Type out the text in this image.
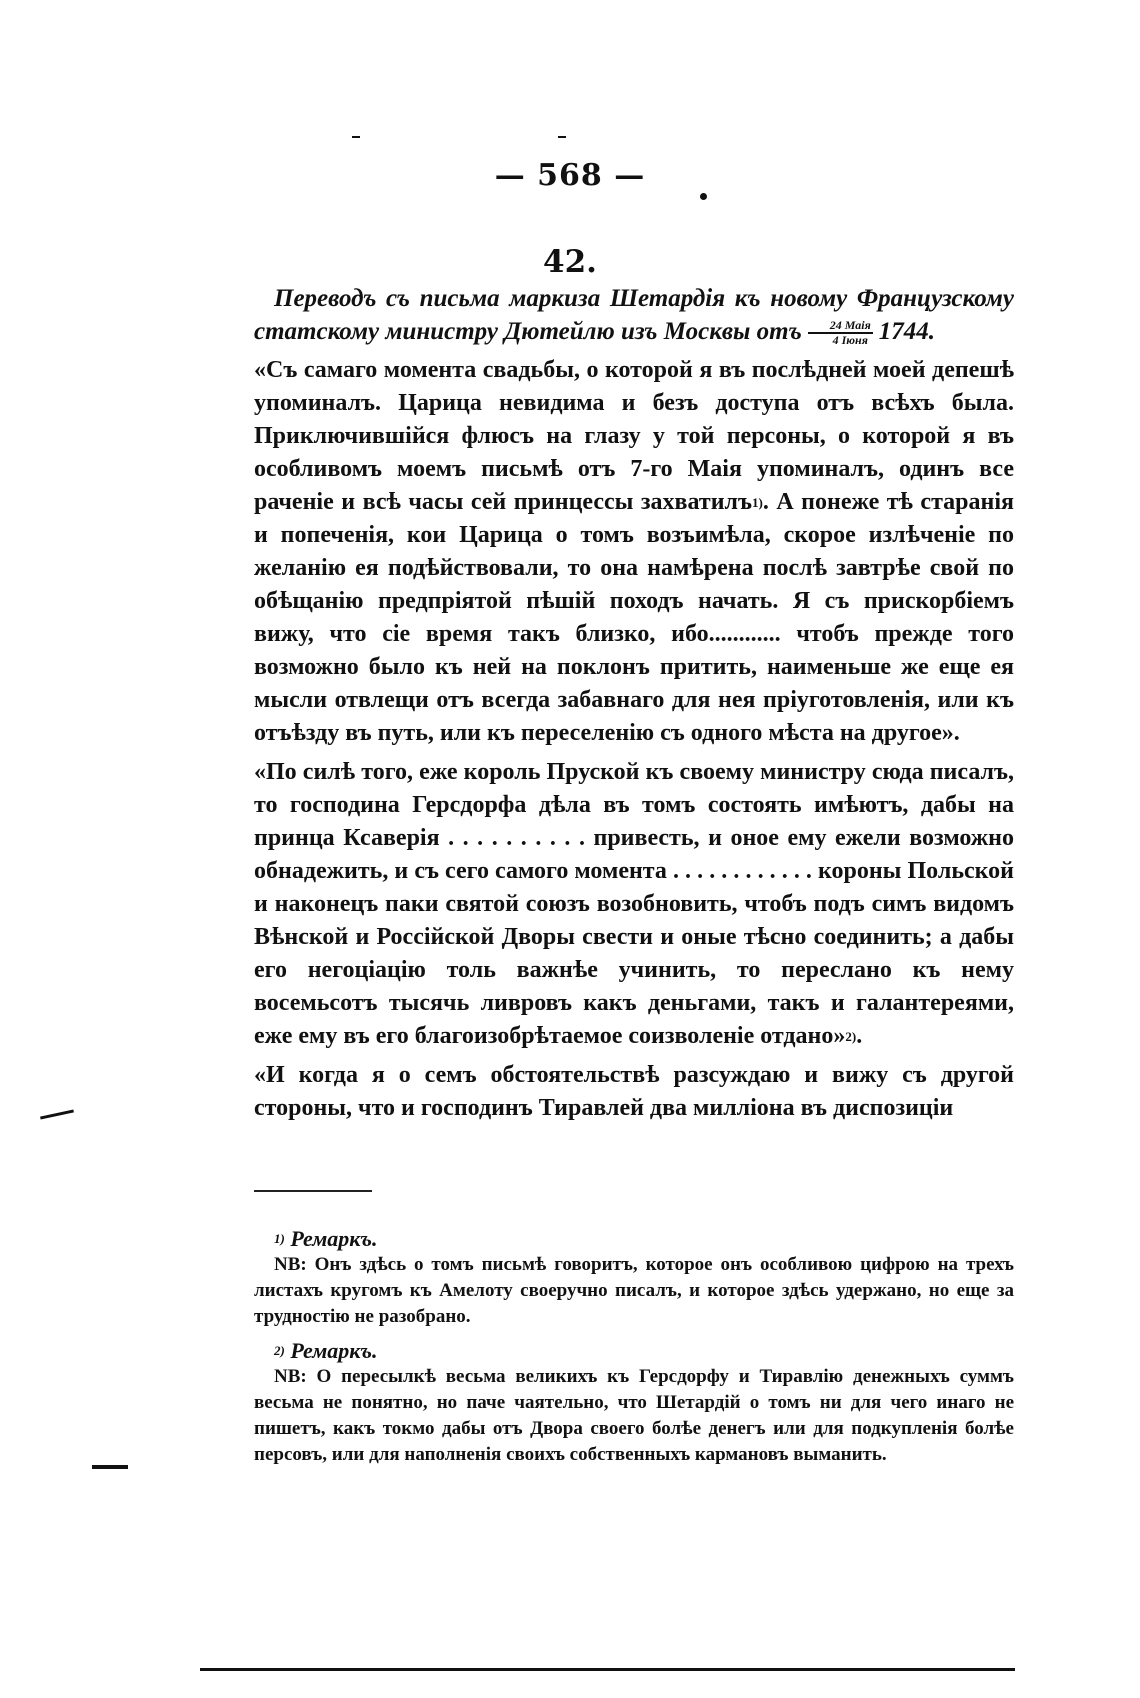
— 568 —
42.

Переводъ съ письма маркиза Шетардія къ новому Французскому статскому министру Дютейлю изъ Москвы отъ $\frac{\text{24 Маія}}{\text{4 Іюня}} 1744$.

«Съ самаго момента свадьбы, о которой я въ послѣдней моей депешѣ упоминалъ. Царица невидима и безъ доступа отъ всѣхъ была. Приключившійся флюсъ на глазу у той персоны, о которой я въ особливомъ моемъ письмѣ отъ 7-го Маія упоминалъ, одинъ все раченіе и всѣ часы сей принцессы захватилъ$^{1)}$. А понеже тѣ старанія и попеченія, кои Царица о томъ возъимѣла, скорое излѣченіе по желанію ея подѣйствовали, то она намѣрена послѣ завтрѣе свой по обѣщанію предпріятой пѣшій походъ начать. Я съ прискорбіемъ вижу, что сіе время такъ близко, ибо............ чтобъ прежде того возможно было къ ней на поклонъ притить, наименьше же еще ея мысли отвлещи отъ всегда забавнаго для нея пріуготовленія, или къ отъѣзду въ путь, или къ переселенію съ одного мѣста на другое».

«По силѣ того, еже король Пруской къ своему министру сюда писалъ, то господина Герсдорфа дѣла въ томъ состоять имѣютъ, дабы на принца Ксаверія . . . . . . . . . . привесть, и оное ему ежели возможно обнадежить, и съ сего самого момента . . . . . . . . . . . . короны Польской и наконецъ паки святой союзъ возобновить, чтобъ подъ симъ видомъ Вѣнской и Россійской Дворы свести и оные тѣсно соединить; а дабы его негоціацію толь важнѣе учинить, то переслано къ нему восемьсотъ тысячь ливровъ какъ деньгами, такъ и галантереями, еже ему въ его благоизобрѣтаемое соизволеніе отдано»$^{2)}$.

«И когда я о семъ обстоятельствѣ разсуждаю и вижу съ другой стороны, что и господинъ Тиравлей два милліона въ диспозиціи

$^{1)}$ Ремаркъ.

NB: Онъ здѣсь о томъ письмѣ говоритъ, которое онъ особливою цифрою на трехъ листахъ кругомъ къ Амелоту своеручно писалъ, и которое здѣсь удержано, но еще за трудностію не разобрано.

$^{2)}$ Ремаркъ.

NB: О пересылкѣ весьма великихъ къ Герсдорфу и Тиравлію денежныхъ суммъ весьма не понятно, но паче чаятельно, что Шетардій о томъ ни для чего инаго не пишетъ, какъ токмо дабы отъ Двора своего болѣе денегъ или для подкупленія болѣе персовъ, или для наполненія своихъ собственныхъ кармановъ выманить.
